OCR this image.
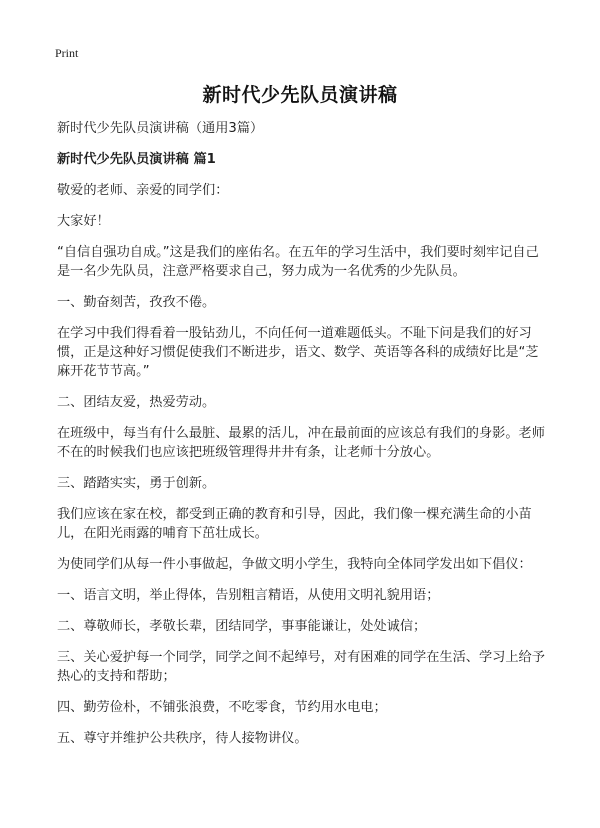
Print
新时代少先队员演讲稿

新时代少先队员演讲稿（通用3篇）

新时代少先队员演讲稿 篇1

敬爱的老师、亲爱的同学们：

大家好！

“自信自强功自成。”这是我们的座佑名。在五年的学习生活中，我们要时刻牢记自己是一名少先队员，注意严格要求自己，努力成为一名优秀的少先队员。

一、勤奋刻苦，孜孜不倦。

在学习中我们得看着一股钻劲儿，不向任何一道难题低头。不耻下问是我们的好习惯，正是这种好习惯促使我们不断进步，语文、数学、英语等各科的成绩好比是“芝麻开花节节高。”

二、团结友爱，热爱劳动。

在班级中，每当有什么最脏、最累的活儿，冲在最前面的应该总有我们的身影。老师不在的时候我们也应该把班级管理得井井有条，让老师十分放心。

三、踏踏实实，勇于创新。

我们应该在家在校，都受到正确的教育和引导，因此，我们像一棵充满生命的小苗儿，在阳光雨露的哺育下茁壮成长。

为使同学们从每一件小事做起，争做文明小学生，我特向全体同学发出如下倡仪：

一、语言文明，举止得体，告别粗言精语，从使用文明礼貌用语；

二、尊敬师长，孝敬长辈，团结同学，事事能谦让，处处诚信；

三、关心爱护每一个同学，同学之间不起绰号，对有困难的同学在生活、学习上给予热心的支持和帮助；

四、勤劳俭朴，不铺张浪费，不吃零食，节约用水电电；

五、尊守并维护公共秩序，待人接物讲仪。
